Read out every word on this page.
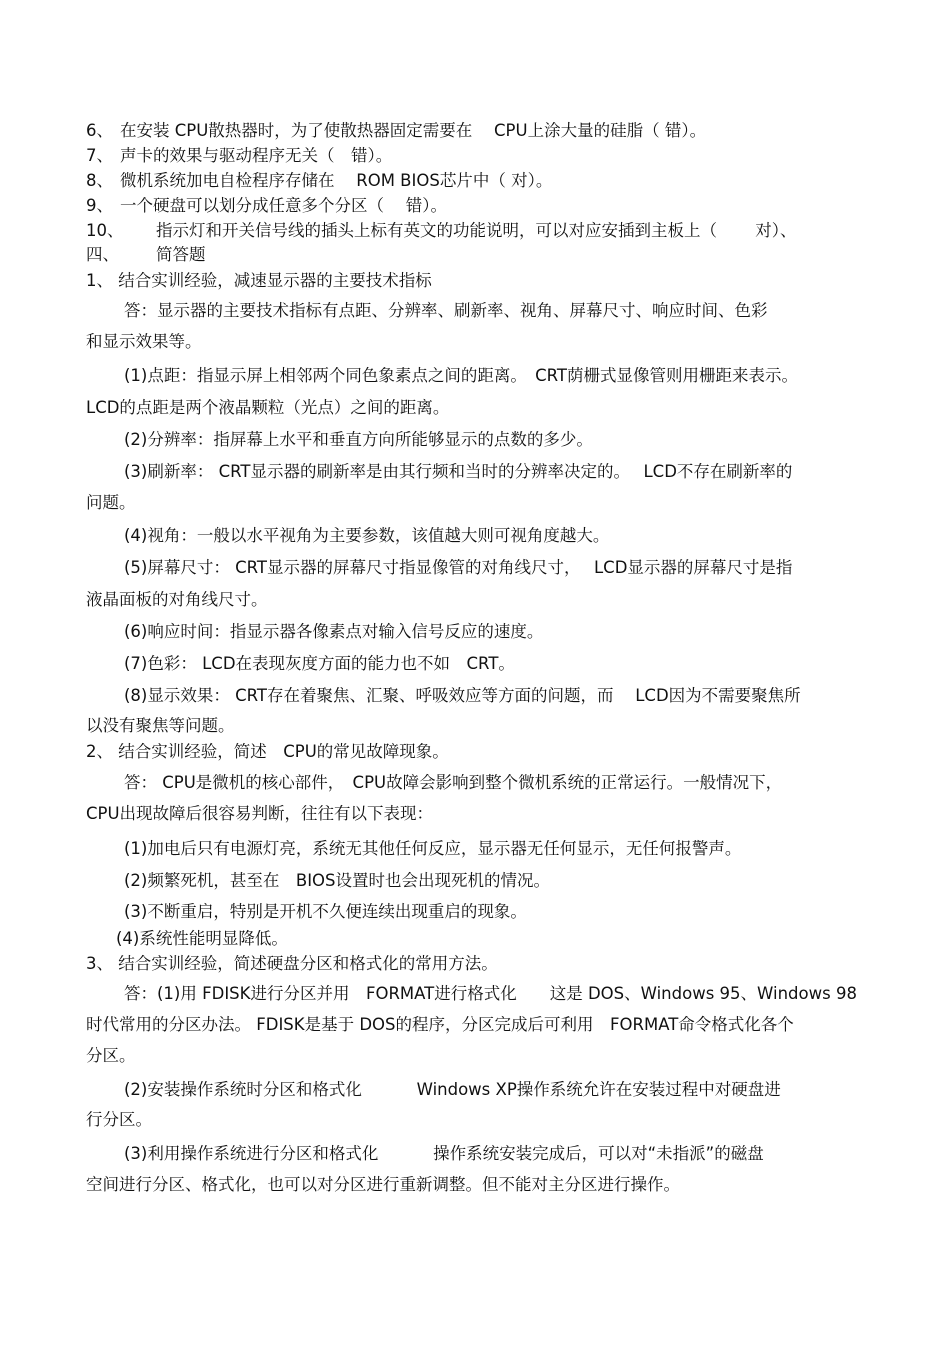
6、 在安装 CPU散热器时，为了使散热器固定需要在　 CPU上涂大量的硅脂（ 错）。
7、 声卡的效果与驱动程序无关（　错）。
8、 微机系统加电自检程序存储在　 ROM BIOS芯片中（ 对）。
9、 一个硬盘可以划分成任意多个分区（　 错）。
10、 指示灯和开关信号线的插头上标有英文的功能说明，可以对应安插到主板上（　　 对）、
四、 简答题
1、 结合实训经验，减速显示器的主要技术指标
答：显示器的主要技术指标有点距、分辨率、刷新率、视角、屏幕尺寸、响应时间、色彩
和显示效果等。
(1)点距：指显示屏上相邻两个同色象素点之间的距离。　CRT荫栅式显像管则用栅距来表示。
LCD的点距是两个液晶颗粒（光点）之间的距离。
(2)分辨率：指屏幕上水平和垂直方向所能够显示的点数的多少。
(3)刷新率： CRT显示器的刷新率是由其行频和当时的分辨率决定的。　 LCD不存在刷新率的
问题。
(4)视角：一般以水平视角为主要参数，该值越大则可视角度越大。
(5)屏幕尺寸： CRT显示器的屏幕尺寸指显像管的对角线尺寸，　 LCD显示器的屏幕尺寸是指
液晶面板的对角线尺寸。
(6)响应时间：指显示器各像素点对输入信号反应的速度。
(7)色彩： LCD在表现灰度方面的能力也不如　CRT。
(8)显示效果： CRT存在着聚焦、汇聚、呼吸效应等方面的问题，而　 LCD因为不需要聚焦所
以没有聚焦等问题。
2、 结合实训经验，简述　CPU的常见故障现象。
答： CPU是微机的核心部件，　CPU故障会影响到整个微机系统的正常运行。一般情况下，
CPU出现故障后很容易判断，往往有以下表现：
(1)加电后只有电源灯亮，系统无其他任何反应，显示器无任何显示，无任何报警声。
(2)频繁死机，甚至在　BIOS设置时也会出现死机的情况。
(3)不断重启，特别是开机不久便连续出现重启的现象。
(4)系统性能明显降低。
3、 结合实训经验，简述硬盘分区和格式化的常用方法。
答：(1)用 FDISK进行分区并用　FORMAT进行格式化　　这是 DOS、Windows 95、Windows 98
时代常用的分区办法。 FDISK是基于 DOS的程序，分区完成后可利用　FORMAT命令格式化各个
分区。
(2)安装操作系统时分区和格式化　　　 Windows XP操作系统允许在安装过程中对硬盘进
行分区。
(3)利用操作系统进行分区和格式化　　　 操作系统安装完成后，可以对“未指派”的磁盘
空间进行分区、格式化，也可以对分区进行重新调整。但不能对主分区进行操作。
